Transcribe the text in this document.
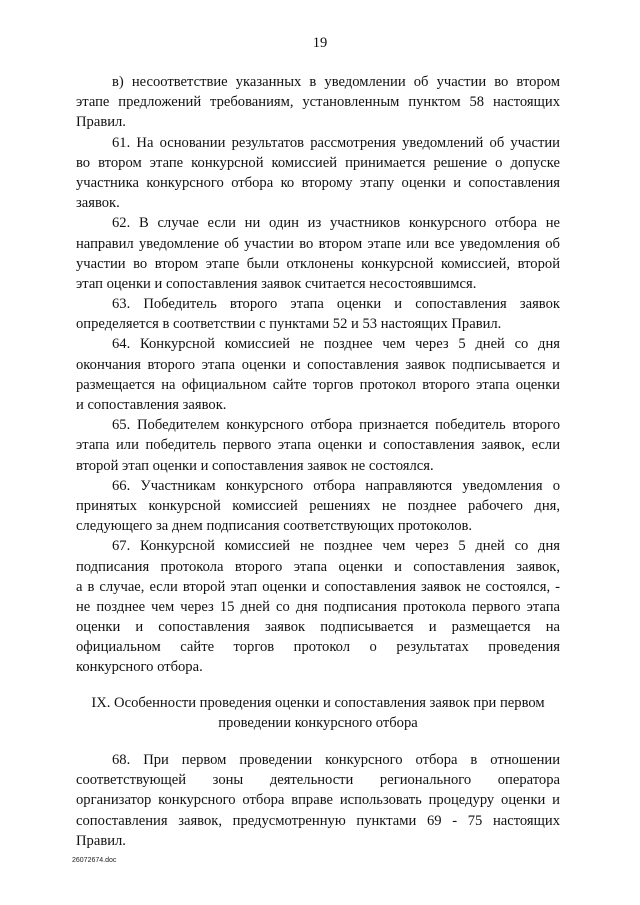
19
в) несоответствие указанных в уведомлении об участии во втором
этапе предложений требованиям, установленным пунктом 58 настоящих
Правил.
61. На основании результатов рассмотрения уведомлений об участии
во втором этапе конкурсной комиссией принимается решение о допуске
участника конкурсного отбора ко второму этапу оценки и сопоставления
заявок.
62. В случае если ни один из участников конкурсного отбора не
направил уведомление об участии во втором этапе или все уведомления об
участии во втором этапе были отклонены конкурсной комиссией, второй
этап оценки и сопоставления заявок считается несостоявшимся.
63. Победитель второго этапа оценки и сопоставления заявок
определяется в соответствии с пунктами 52 и 53 настоящих Правил.
64. Конкурсной комиссией не позднее чем через 5 дней со дня
окончания второго этапа оценки и сопоставления заявок подписывается и
размещается на официальном сайте торгов протокол второго этапа оценки
и сопоставления заявок.
65. Победителем конкурсного отбора признается победитель второго
этапа или победитель первого этапа оценки и сопоставления заявок, если
второй этап оценки и сопоставления заявок не состоялся.
66. Участникам конкурсного отбора направляются уведомления о
принятых конкурсной комиссией решениях не позднее рабочего дня,
следующего за днем подписания соответствующих протоколов.
67. Конкурсной комиссией не позднее чем через 5 дней со дня
подписания протокола второго этапа оценки и сопоставления заявок,
а в случае, если второй этап оценки и сопоставления заявок не состоялся, -
не позднее чем через 15 дней со дня подписания протокола первого этапа
оценки и сопоставления заявок подписывается и размещается на
официальном сайте торгов протокол о результатах проведения
конкурсного отбора.
IX. Особенности проведения оценки и сопоставления заявок при первом
проведении конкурсного отбора
68. При первом проведении конкурсного отбора в отношении
соответствующей зоны деятельности регионального оператора
организатор конкурсного отбора вправе использовать процедуру оценки и
сопоставления заявок, предусмотренную пунктами 69 - 75 настоящих
Правил.
26072674.doc
